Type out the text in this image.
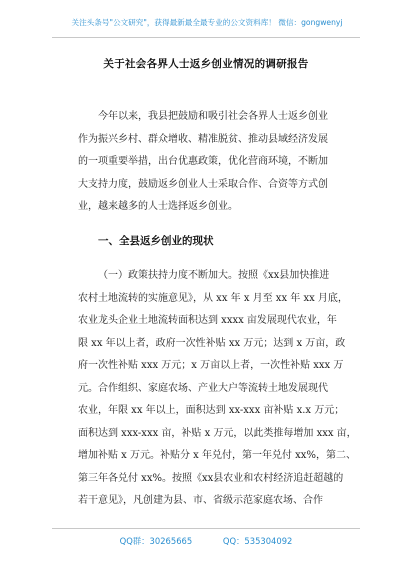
关注头条号"公文研究"，获得最新最全最专业的公文资料库！ 微信：gongwenyj
关于社会各界人士返乡创业情况的调研报告
今年以来，我县把鼓励和吸引社会各界人士返乡创业
作为振兴乡村、群众增收、精准脱贫、推动县域经济发展
的一项重要举措，出台优惠政策，优化营商环境，不断加
大支持力度，鼓励返乡创业人士采取合作、合资等方式创
业，越来越多的人士选择返乡创业。
一、全县返乡创业的现状
（一）政策扶持力度不断加大。按照《xx县加快推进
农村土地流转的实施意见》，从 xx 年 x 月至 xx 年 xx 月底，
农业龙头企业土地流转面积达到 xxxx 亩发展现代农业，年
限 xx 年以上者，政府一次性补贴 xx 万元；达到 x 万亩，政
府一次性补贴 xxx 万元；x 万亩以上者，一次性补贴 xxx 万
元。合作组织、家庭农场、产业大户等流转土地发展现代
农业，年限 xx 年以上，面积达到 xx-xxx 亩补贴 x.x 万元；
面积达到 xxx-xxx 亩，补贴 x 万元，以此类推每增加 xxx 亩，
增加补贴 x 万元。补贴分 x 年兑付，第一年兑付 xx%，第二、
第三年各兑付 xx%。按照《xx县农业和农村经济追赶超越的
若干意见》，凡创建为县、市、省级示范家庭农场、合作
QQ群：30265665	QQ：535304092
